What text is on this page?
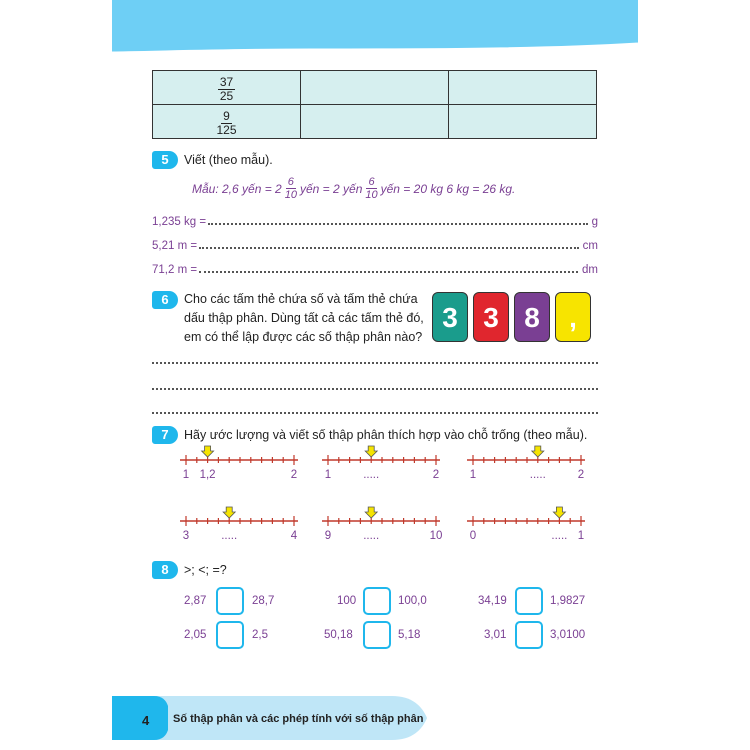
$\frac{37}{25}$

$\frac{9}{125}$

5	Viết (theo mẫu).
Mẫu: 2,6 yến = $2 \frac{6}{10}$ yến = 2 yến $\frac{6}{10}$ yến = 20 kg 6 kg = 26 kg.
1,235 kg =	g
5,21 m =	cm
71,2 m =	dm
6	Cho các tấm thẻ chứa số và tấm thẻ chứa dấu thập phân. Dùng tất cả các tấm thẻ đó, em có thể lập được các số thập phân nào?
3 3 8	,
7	Hãy ước lượng và viết số thập phân thích hợp vào chỗ trống (theo mẫu).
1	2
1,2	1	2
.....	1	2
.....
3	4
.....	9	10
.....	0	1
.....
8	>; <; =?
2,87	28,7	100	100,0	34,19	1,9827
2,05	2,5	50,18	5,18	3,01	3,0100
4 Số thập phân và các phép tính với số thập phân
